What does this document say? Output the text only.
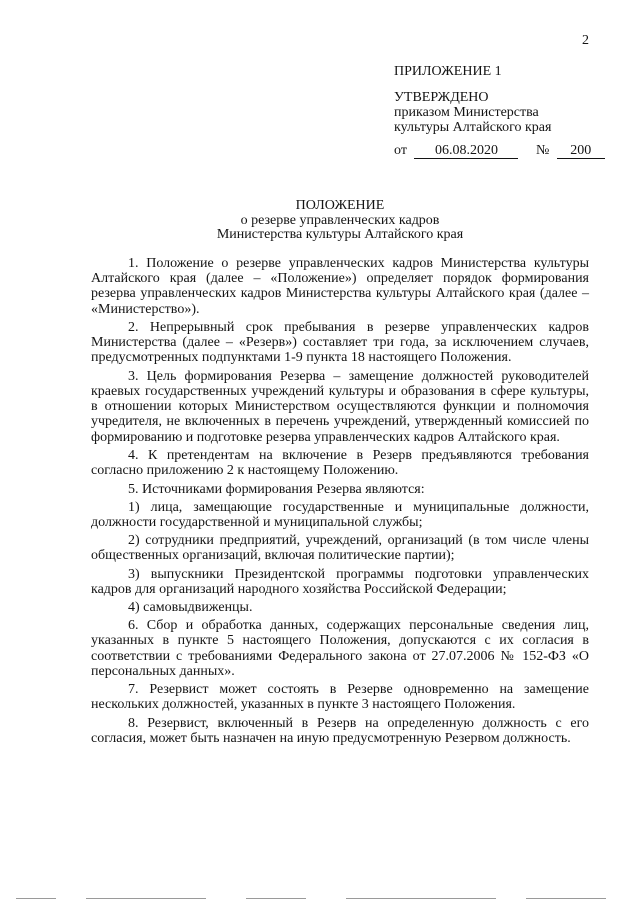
2
ПРИЛОЖЕНИЕ 1
УТВЕРЖДЕНО
приказом Министерства
культуры Алтайского края
от 06.08.2020	№ 200
ПОЛОЖЕНИЕ
о резерве управленческих кадров
Министерства культуры Алтайского края

1. Положение о резерве управленческих кадров Министерства культуры Алтайского края (далее – «Положение») определяет порядок формирования резерва управленческих кадров Министерства культуры Алтайского края (далее – «Министерство»).

2. Непрерывный срок пребывания в резерве управленческих кадров Министерства (далее – «Резерв») составляет три года, за исключением случаев, предусмотренных подпунктами 1-9 пункта 18 настоящего Положения.

3. Цель формирования Резерва – замещение должностей руководителей краевых государственных учреждений культуры и образования в сфере культуры, в отношении которых Министерством осуществляются функции и полномочия учредителя, не включенных в перечень учреждений, утвержденный комиссией по формированию и подготовке резерва управленческих кадров Алтайского края.

4. К претендентам на включение в Резерв предъявляются требования согласно приложению 2 к настоящему Положению.

5. Источниками формирования Резерва являются:

1) лица, замещающие государственные и муниципальные должности, должности государственной и муниципальной службы;

2) сотрудники предприятий, учреждений, организаций (в том числе члены общественных организаций, включая политические партии);

3) выпускники Президентской программы подготовки управленческих кадров для организаций народного хозяйства Российской Федерации;

4) самовыдвиженцы.

6. Сбор и обработка данных, содержащих персональные сведения лиц, указанных в пункте 5 настоящего Положения, допускаются с их согласия в соответствии с требованиями Федерального закона от 27.07.2006 № 152-ФЗ «О персональных данных».

7. Резервист может состоять в Резерве одновременно на замещение нескольких должностей, указанных в пункте 3 настоящего Положения.

8. Резервист, включенный в Резерв на определенную должность с его согласия, может быть назначен на иную предусмотренную Резервом должность.
